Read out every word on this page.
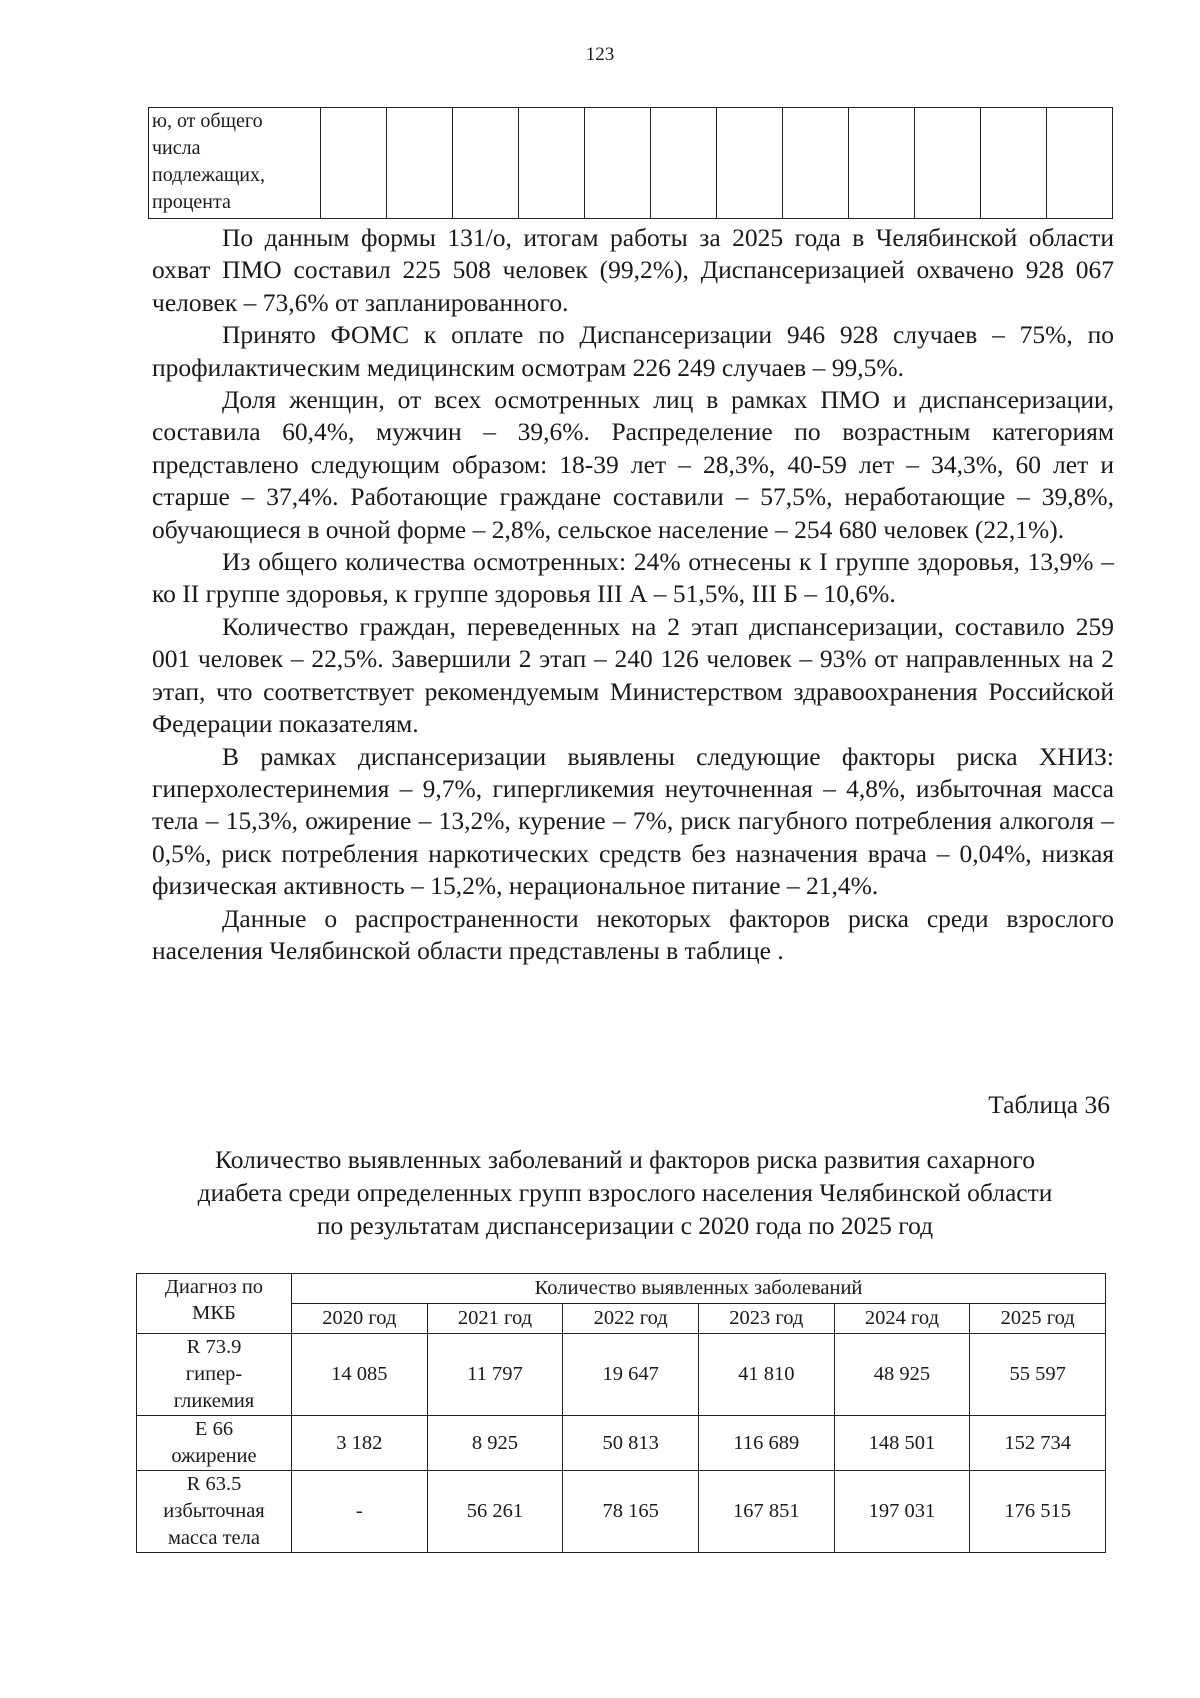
123
ю, от общего
числа
подлежащих,
процента

По данным формы 131/о, итогам работы за 2025 года в Челябинской области охват ПМО составил 225 508 человек (99,2%), Диспансеризацией охвачено 928 067 человек – 73,6% от запланированного.

Принято ФОМС к оплате по Диспансеризации 946 928 случаев – 75%, по профилактическим медицинским осмотрам 226 249 случаев – 99,5%.

Доля женщин, от всех осмотренных лиц в рамках ПМО и диспансеризации, составила 60,4%, мужчин – 39,6%. Распределение по возрастным категориям представлено следующим образом: 18-39 лет – 28,3%, 40-59 лет – 34,3%, 60 лет и старше – 37,4%. Работающие граждане составили – 57,5%, неработающие – 39,8%, обучающиеся в очной форме – 2,8%, сельское население – 254 680 человек (22,1%).

Из общего количества осмотренных: 24% отнесены к I группе здоровья, 13,9% – ко II группе здоровья, к группе здоровья III А – 51,5%, III Б – 10,6%.

Количество граждан, переведенных на 2 этап диспансеризации, составило 259 001 человек – 22,5%. Завершили 2 этап – 240 126 человек – 93% от направленных на 2 этап, что соответствует рекомендуемым Министерством здравоохранения Российской Федерации показателям.

В рамках диспансеризации выявлены следующие факторы риска ХНИЗ: гиперхолестеринемия – 9,7%, гипергликемия неуточненная – 4,8%, избыточная масса тела – 15,3%, ожирение – 13,2%, курение – 7%, риск пагубного потребления алкоголя – 0,5%, риск потребления наркотических средств без назначения врача – 0,04%, низкая физическая активность – 15,2%, нерациональное питание – 21,4%.

Данные о распространенности некоторых факторов риска среди взрослого населения Челябинской области представлены в таблице .

Таблица 36
Количество выявленных заболеваний и факторов риска развития сахарного
диабета среди определенных групп взрослого населения Челябинской области
по результатам диспансеризации с 2020 года по 2025 год
Диагноз по
МКБ	Количество выявленных заболеваний					
	2020 год	2021 год	2022 год	2023 год	2024 год	2025 год

R 73.9
гипер-
гликемия	14 085	11 797	19 647	41 810	48 925	55 597

Е 66
ожирение	3 182	8 925	50 813	116 689	148 501	152 734

R 63.5
избыточная
масса тела	-	56 261	78 165	167 851	197 031	176 515
